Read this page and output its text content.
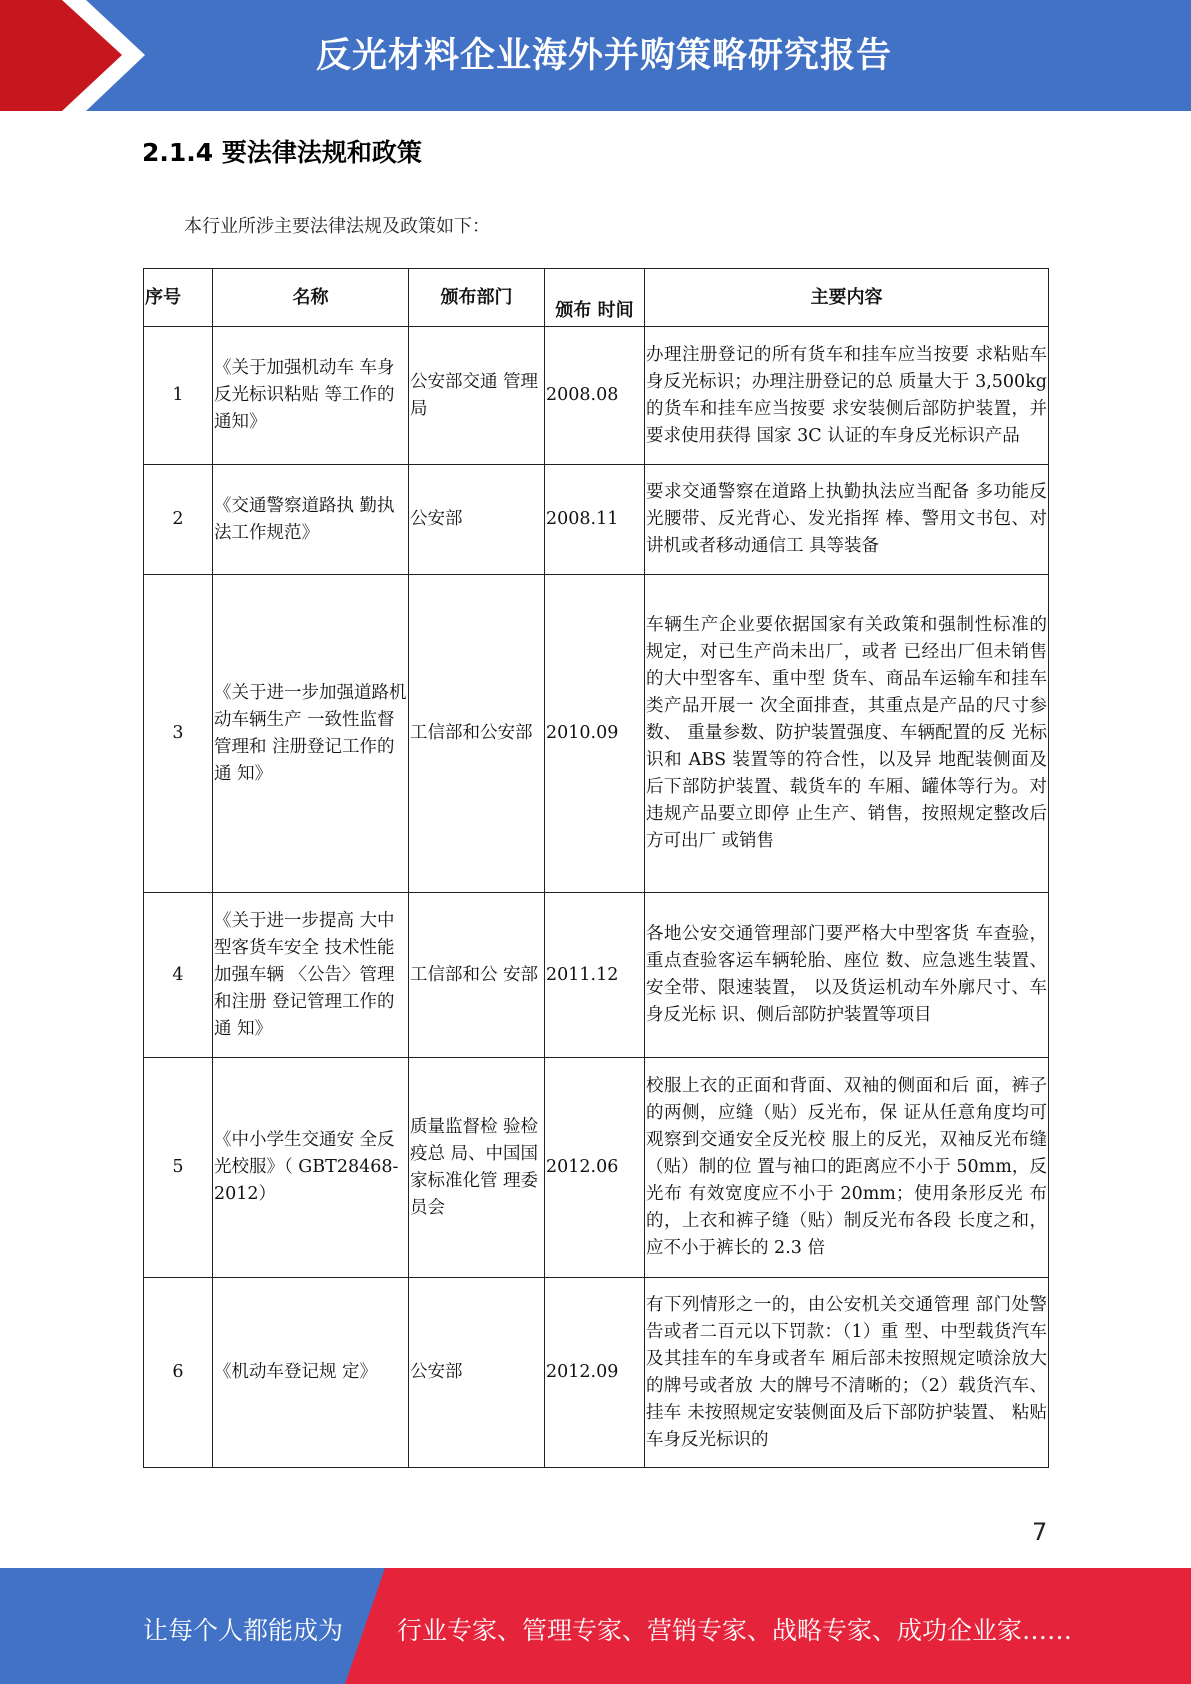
反光材料企业海外并购策略研究报告
2.1.4 要法律法规和政策
本行业所涉主要法律法规及政策如下：
序号	名称	颁布部门	颁布 时间	主要内容
1	《关于加强机动车 车身反光标识粘贴 等工作的通知》	公安部交通 管理局	2008.08	办理注册登记的所有货车和挂车应当按要 求粘贴车身反光标识；办理注册登记的总 质量大于 3,500kg 的货车和挂车应当按要 求安装侧后部防护装置，并要求使用获得 国家 3C 认证的车身反光标识产品
2	《交通警察道路执 勤执法工作规范》	公安部	2008.11	要求交通警察在道路上执勤执法应当配备 多功能反光腰带、反光背心、发光指挥 棒、警用文书包、对讲机或者移动通信工 具等装备
3	《关于进一步加强道路机动车辆生产 一致性监督管理和 注册登记工作的通 知》	工信部和公安部	2010.09	车辆生产企业要依据国家有关政策和强制性标准的规定，对已生产尚未出厂，或者 已经出厂但未销售的大中型客车、重中型 货车、商品车运输车和挂车类产品开展一 次全面排查，其重点是产品的尺寸参数、 重量参数、防护装置强度、车辆配置的反 光标识和 ABS 装置等的符合性，以及异 地配装侧面及后下部防护装置、载货车的 车厢、罐体等行为。对违规产品要立即停 止生产、销售，按照规定整改后方可出厂 或销售
4	《关于进一步提高 大中型客货车安全 技术性能加强车辆 〈公告〉管理和注册 登记管理工作的通 知》	工信部和公 安部	2011.12	各地公安交通管理部门要严格大中型客货 车查验，重点查验客运车辆轮胎、座位 数、应急逃生装置、安全带、限速装置， 以及货运机动车外廓尺寸、车身反光标 识、侧后部防护装置等项目
5	《中小学生交通安 全反光校服》（ GBT28468-2012）	质量监督检 验检疫总 局、中国国 家标准化管 理委员会	2012.06	校服上衣的正面和背面、双袖的侧面和后 面，裤子的两侧，应缝（贴）反光布，保 证从任意角度均可观察到交通安全反光校 服上的反光，双袖反光布缝（贴）制的位 置与袖口的距离应不小于 50mm，反光布 有效宽度应不小于 20mm；使用条形反光 布的，上衣和裤子缝（贴）制反光布各段 长度之和，应不小于裤长的 2.3 倍
6	《机动车登记规 定》	公安部	2012.09	有下列情形之一的，由公安机关交通管理 部门处警告或者二百元以下罚款：（1）重 型、中型载货汽车及其挂车的车身或者车 厢后部未按照规定喷涂放大的牌号或者放 大的牌号不清晰的；（2）载货汽车、挂车 未按照规定安装侧面及后下部防护装置、 粘贴车身反光标识的
7
让每个人都能成为 行业专家、管理专家、营销专家、战略专家、成功企业家……
